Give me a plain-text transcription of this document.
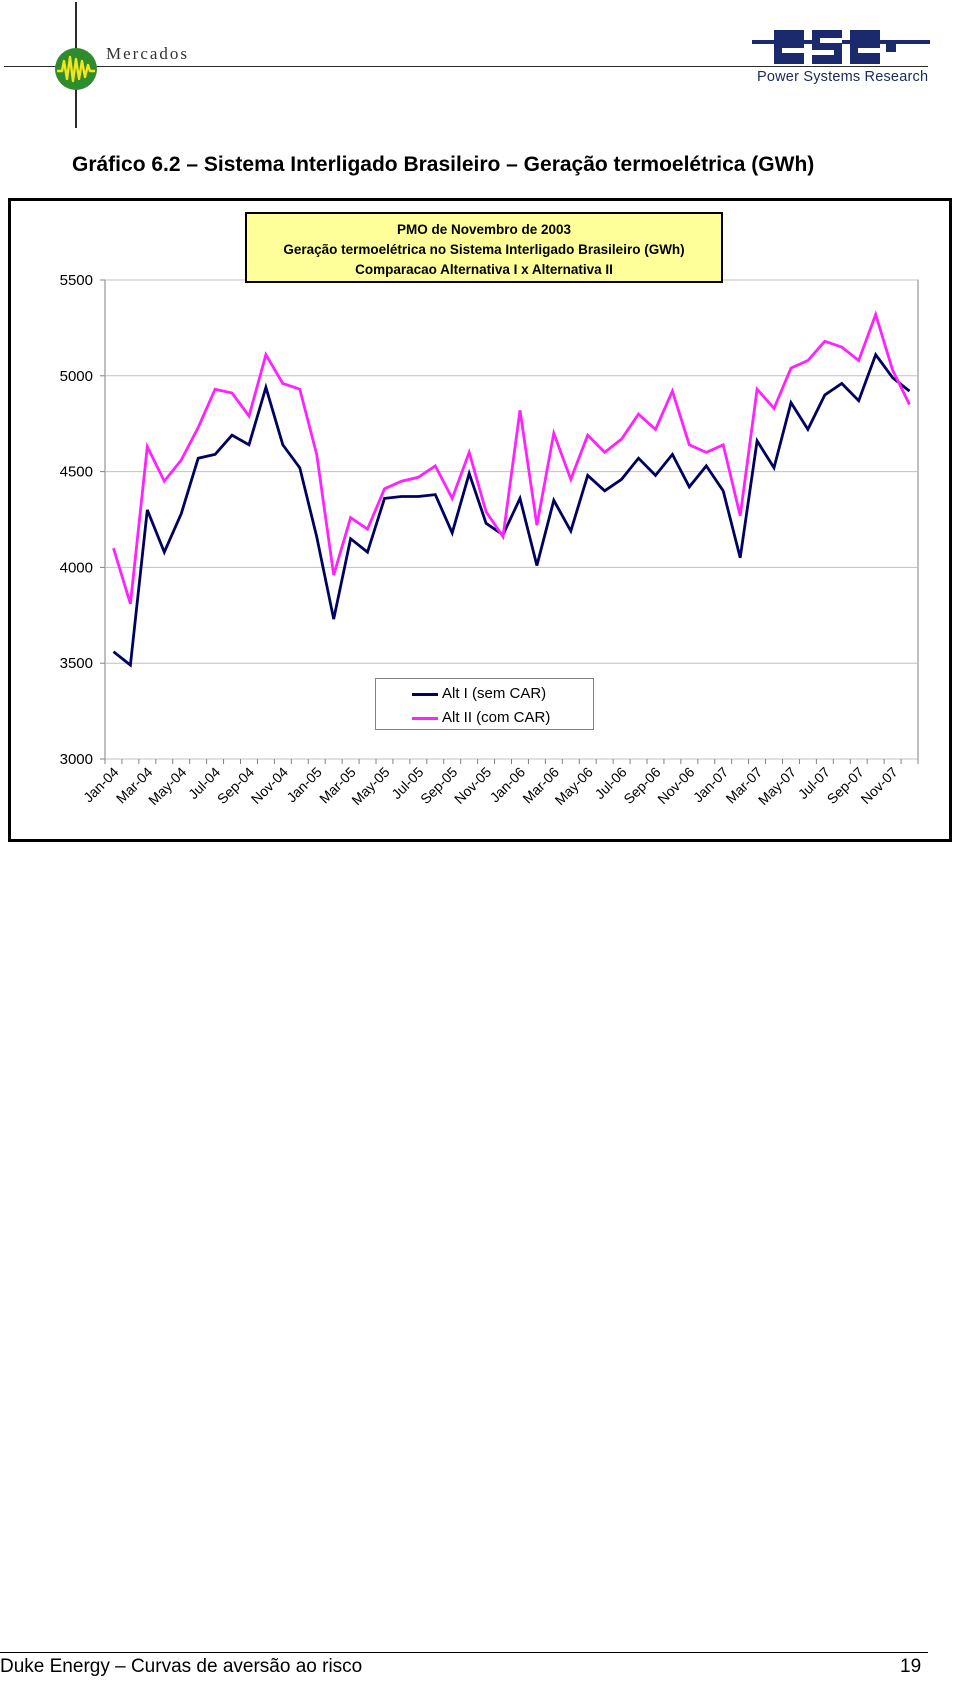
Mercados
Power Systems Research
Gráfico 6.2 – Sistema Interligado Brasileiro – Geração termoelétrica (GWh)
3000
3500
4000
4500
5000
5500
Jan-04
Mar-04
May-04
Jul-04
Sep-04
Nov-04
Jan-05
Mar-05
May-05
Jul-05
Sep-05
Nov-05
Jan-06
Mar-06
May-06
Jul-06
Sep-06
Nov-06
Jan-07
Mar-07
May-07
Jul-07
Sep-07
Nov-07
PMO de Novembro de 2003
Geração termoelétrica no Sistema Interligado Brasileiro (GWh)
Comparacao Alternativa I x Alternativa II
Alt I (sem CAR)
Alt II (com CAR)
Duke Energy – Curvas de aversão ao risco	19
